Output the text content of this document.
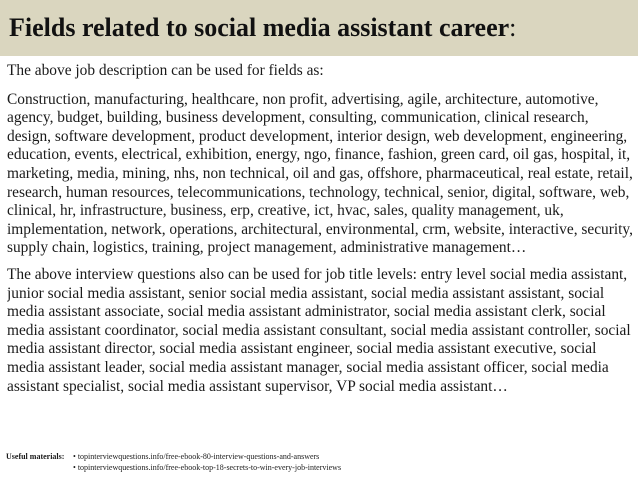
Fields related to social media assistant career:

The above job description can be used for fields as:

Construction, manufacturing, healthcare, non profit, advertising, agile, architecture, automotive, agency, budget, building, business development, consulting, communication, clinical research, design, software development, product development, interior design, web development, engineering, education, events, electrical, exhibition, energy, ngo, finance, fashion, green card, oil gas, hospital, it, marketing, media, mining, nhs, non technical, oil and gas, offshore, pharmaceutical, real estate, retail, research, human resources, telecommunications, technology, technical, senior, digital, software, web, clinical, hr, infrastructure, business, erp, creative, ict, hvac, sales, quality management, uk, implementation, network, operations, architectural, environmental, crm, website, interactive, security, supply chain, logistics, training, project management, administrative management…

The above interview questions also can be used for job title levels: entry level social media assistant, junior social media assistant, senior social media assistant, social media assistant assistant, social media assistant associate, social media assistant administrator, social media assistant clerk, social media assistant coordinator, social media assistant consultant, social media assistant controller, social media assistant director, social media assistant engineer, social media assistant executive, social media assistant leader, social media assistant manager, social media assistant officer, social media assistant specialist, social media assistant supervisor, VP social media assistant…

Useful materials:	• topinterviewquestions.info/free-ebook-80-interview-questions-and-answers
• topinterviewquestions.info/free-ebook-top-18-secrets-to-win-every-job-interviews
